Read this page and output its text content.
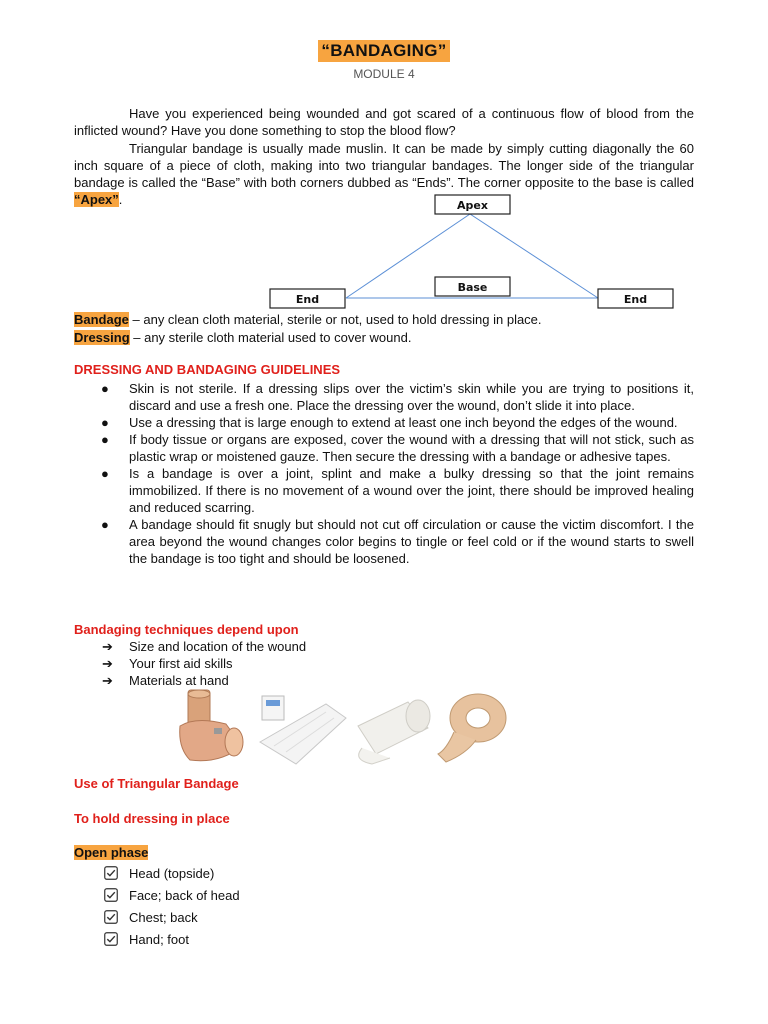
“BANDAGING”
MODULE 4
Have you experienced being wounded and got scared of a continuous flow of blood from the inflicted wound? Have you done something to stop the blood flow?
Triangular bandage is usually made muslin. It can be made by simply cutting diagonally the 60 inch square of a piece of cloth, making into two triangular bandages. The longer side of the triangular bandage is called the “Base” with both corners dubbed as “Ends”. The corner opposite to the base is called “Apex”.
Bandage – any clean cloth material, sterile or not, used to hold dressing in place.
Dressing – any sterile cloth material used to cover wound.
DRESSING AND BANDAGING GUIDELINES
● Skin is not sterile. If a dressing slips over the victim’s skin while you are trying to positions it, discard and use a fresh one. Place the dressing over the wound, don’t slide it into place.
● Use a dressing that is large enough to extend at least one inch beyond the edges of the wound.
● If body tissue or organs are exposed, cover the wound with a dressing that will not stick, such as plastic wrap or moistened gauze. Then secure the dressing with a bandage or adhesive tapes.
● Is a bandage is over a joint, splint and make a bulky dressing so that the joint remains immobilized. If there is no movement of a wound over the joint, there should be improved healing and reduced scarring.
● A bandage should fit snugly but should not cut off circulation or cause the victim discomfort. I the area beyond the wound changes color begins to tingle or feel cold or if the wound starts to swell the bandage is too tight and should be loosened.
Bandaging techniques depend upon
➔ Size and location of the wound
➔ Your first aid skills
➔ Materials at hand
Use of Triangular Bandage
To hold dressing in place
Open phase
Head (topside)
Face; back of head
Chest; back
Hand; foot
Apex
Base
End	End
